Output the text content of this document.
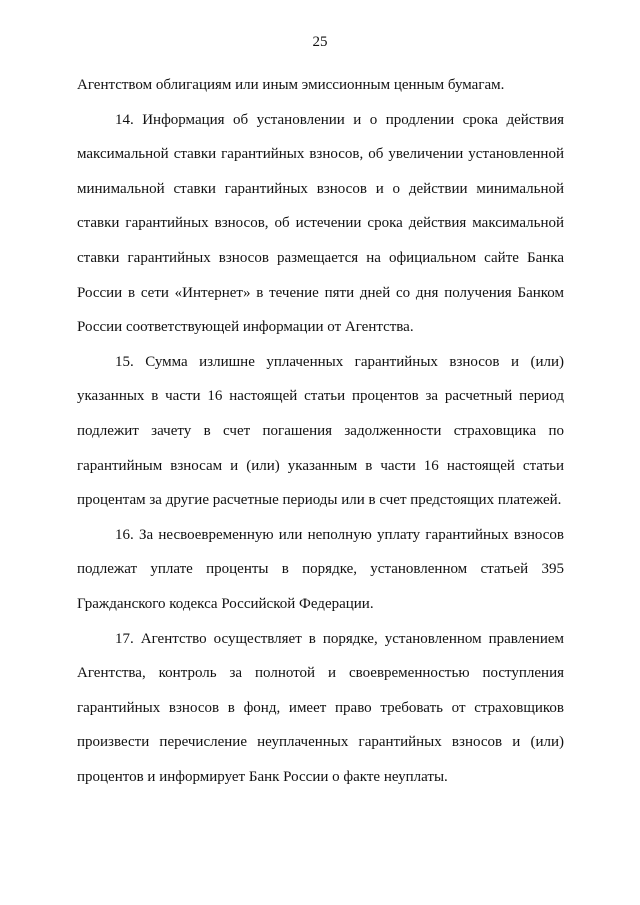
25

Агентством облигациям или иным эмиссионным ценным бумагам.

14. Информация об установлении и о продлении срока действия
максимальной ставки гарантийных взносов, об увеличении установленной
минимальной ставки гарантийных взносов и о действии минимальной
ставки гарантийных взносов, об истечении срока действия максимальной
ставки гарантийных взносов размещается на официальном сайте Банка
России в сети «Интернет» в течение пяти дней со дня получения Банком
России соответствующей информации от Агентства.

15. Сумма излишне уплаченных гарантийных взносов и (или)
указанных в части 16 настоящей статьи процентов за расчетный период
подлежит зачету в счет погашения задолженности страховщика по
гарантийным взносам и (или) указанным в части 16 настоящей статьи
процентам за другие расчетные периоды или в счет предстоящих платежей.

16. За несвоевременную или неполную уплату гарантийных взносов
подлежат уплате проценты в порядке, установленном статьей 395
Гражданского кодекса Российской Федерации.

17. Агентство осуществляет в порядке, установленном правлением
Агентства, контроль за полнотой и своевременностью поступления
гарантийных взносов в фонд, имеет право требовать от страховщиков
произвести перечисление неуплаченных гарантийных взносов и (или)
процентов и информирует Банк России о факте неуплаты.
